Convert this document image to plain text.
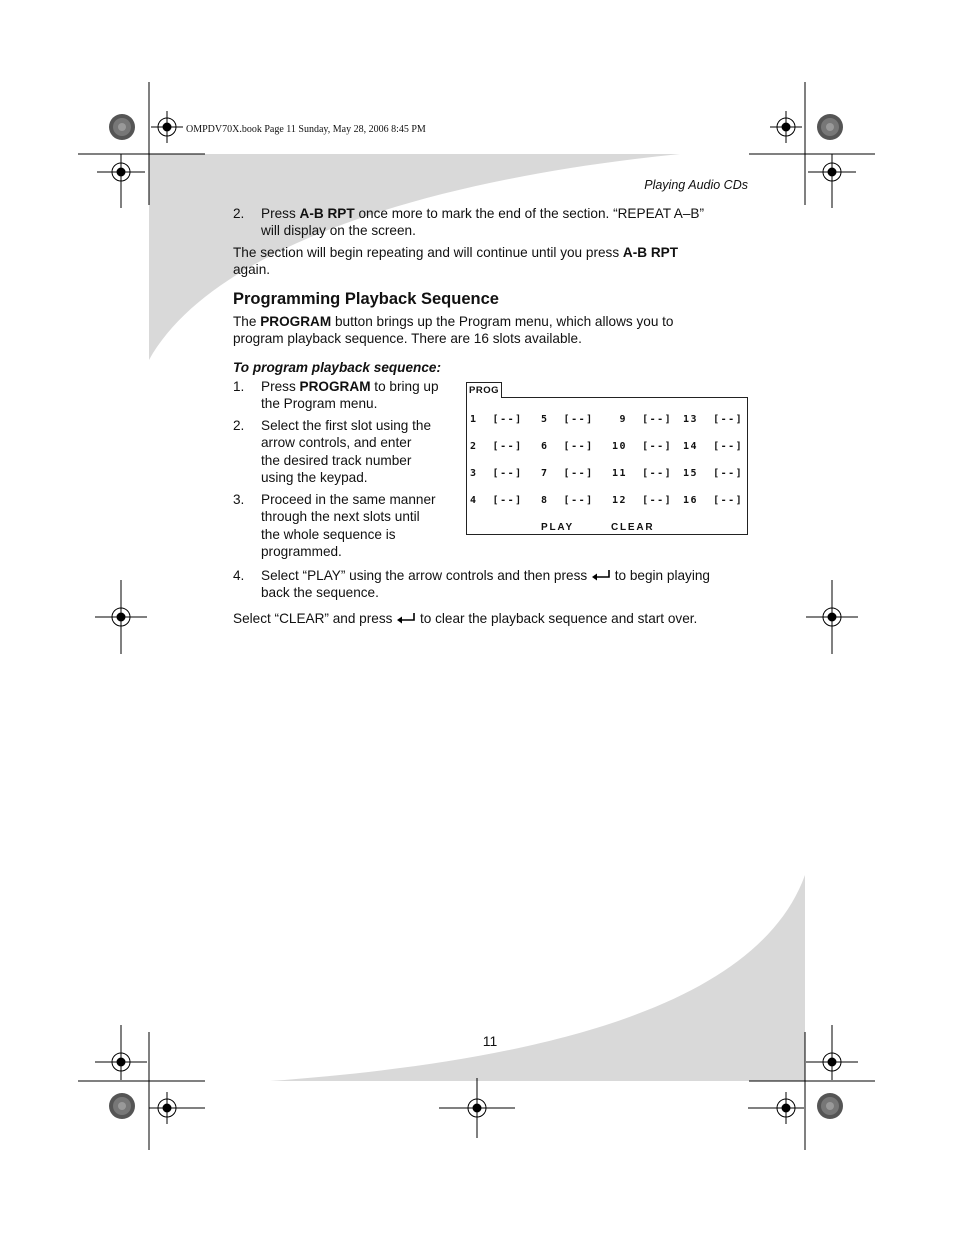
OMPDV70X.book Page 11 Sunday, May 28, 2006 8:45 PM
Playing Audio CDs
2. Press A-B RPT once more to mark the end of the section. “REPEAT A–B”
will display on the screen.
The section will begin repeating and will continue until you press A-B RPT
again.
Programming Playback Sequence
The PROGRAM button brings up the Program menu, which allows you to
program playback sequence. There are 16 slots available.
To program playback sequence:
1. Press PROGRAM to bring up
the Program menu.
2. Select the first slot using the
arrow controls, and enter
the desired track number
using the keypad.
3. Proceed in the same manner
through the next slots until
the whole sequence is
programmed.
1  [--] 5  [--] 9  [--] 13  [--]
2  [--] 6  [--] 10  [--] 14  [--]
3  [--] 7  [--] 11  [--] 15  [--]
4  [--] 8  [--] 12  [--] 16  [--]
PLAY	CLEAR
PROG
4. Select “PLAY” using the arrow controls and then press  to begin playing
back the sequence.
Select “CLEAR” and press  to clear the playback sequence and start over.
11
